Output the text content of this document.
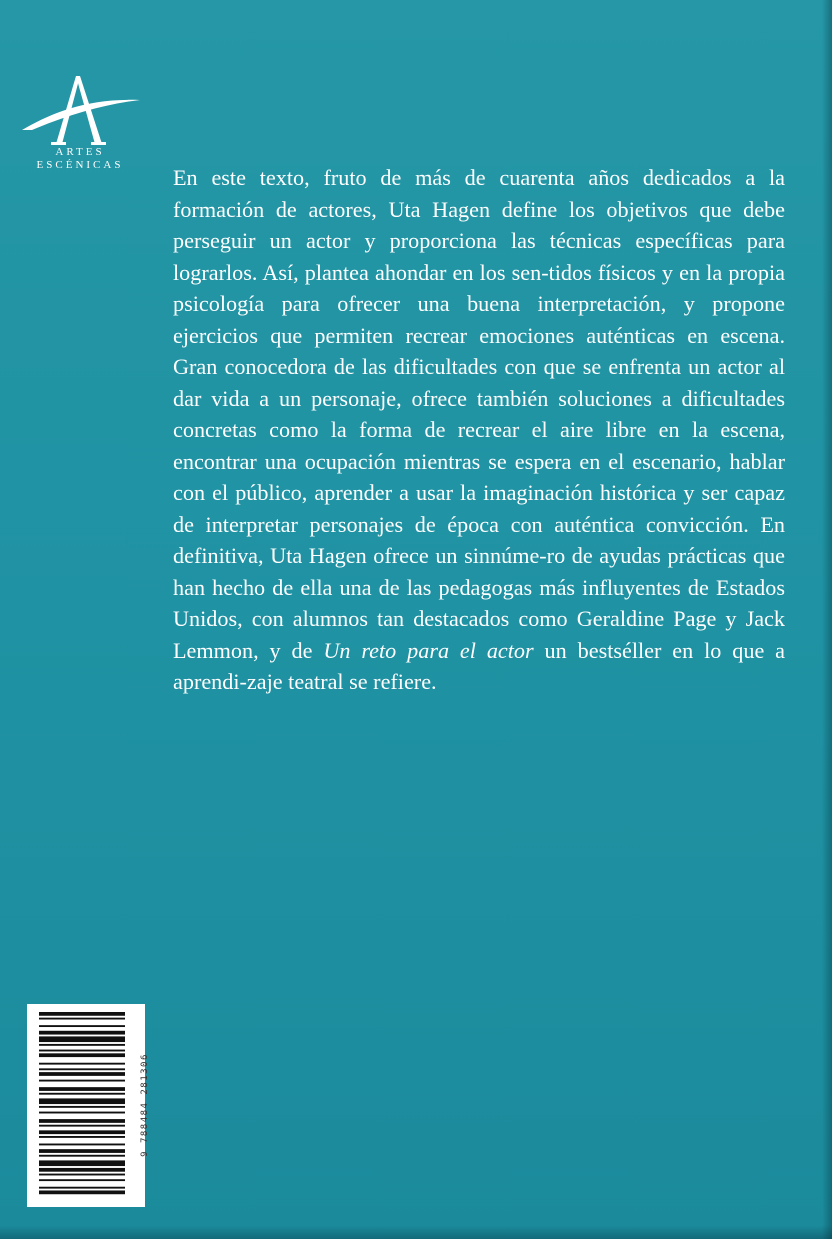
ARTES
ESCÉNICAS	En este texto, fruto de más de cuarenta años dedicados a la formación de actores, Uta Hagen define los objetivos que debe perseguir un actor y proporciona las técnicas específicas para lograrlos. Así, plantea ahondar en los sen-tidos físicos y en la propia psicología para ofrecer una buena interpretación, y propone ejercicios que permiten recrear emociones auténticas en escena. Gran conocedora de las dificultades con que se enfrenta un actor al dar vida a un personaje, ofrece también soluciones a dificultades concretas como la forma de recrear el aire libre en la escena, encontrar una ocupación mientras se espera en el escenario, hablar con el público, aprender a usar la imaginación histórica y ser capaz de interpretar personajes de época con auténtica convicción. En definitiva, Uta Hagen ofrece un sinnúme-ro de ayudas prácticas que han hecho de ella una de las pedagogas más influyentes de Estados Unidos, con alumnos tan destacados como Geraldine Page y Jack Lemmon, y de Un reto para el actor un bestséller en lo que a aprendi-zaje teatral se refiere.

9 788484 281306
